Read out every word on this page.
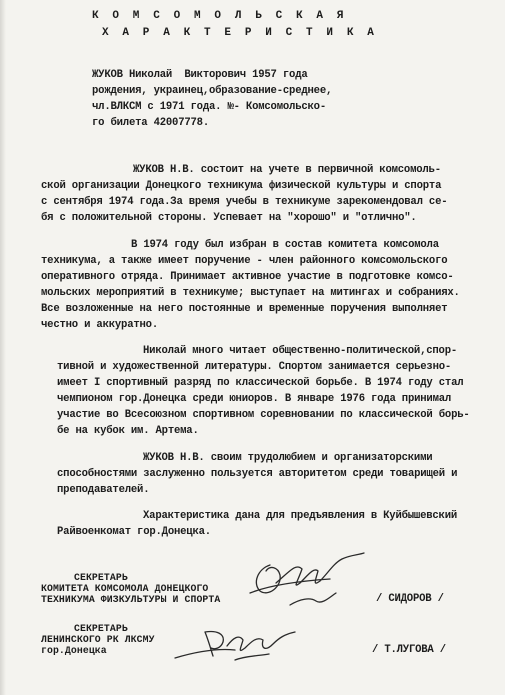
К О М С О М О Л Ь С К А Я
Х А Р А К Т Е Р И С Т И К А
ЖУКОВ Николай  Викторович 1957 года
рождения, украинец,образование-среднее,
чл.ВЛКСМ с 1971 года. №- Комсомольско-
го билета 42007778.
ЖУКОВ Н.В. состоит на учете в первичной комсомоль-
ской организации Донецкого техникума физической культуры и спорта
с сентября 1974 года.За время учебы в техникуме зарекомендовал се-
бя с положительной стороны. Успевает на "хорошо" и "отлично".
В 1974 году был избран в состав комитета комсомола
техникума, а также имеет поручение - член районного комсомольского
оперативного отряда. Принимает активное участие в подготовке комсо-
мольских мероприятий в техникуме; выступает на митингах и собраниях.
Все возложенные на него постоянные и временные поручения выполняет
честно и аккуратно.
Николай много читает общественно-политической,спор-
тивной и художественной литературы. Спортом занимается серьезно-
имеет I спортивный разряд по классической борьбе. В 1974 году стал
чемпионом гор.Донецка среди юниоров. В январе 1976 года принимал
участие во Всесоюзном спортивном соревновании по классической борь-
бе на кубок им. Артема.
ЖУКОВ Н.В. своим трудолюбием и организаторскими
способностями заслуженно пользуется авторитетом среди товарищей и
преподавателей.
Характеристика дана для предъявления в Куйбышевский
Райвоенкомат гор.Донецка.
СЕКРЕТАРЬ
КОМИТЕТА КОМСОМОЛА ДОНЕЦКОГО
ТЕХНИКУМА ФИЗКУЛЬТУРЫ И СПОРТА	/ СИДОРОВ /
СЕКРЕТАРЬ
ЛЕНИНСКОГО РК ЛКСМУ
гор.Донецка	/ Т.ЛУГОВА /
